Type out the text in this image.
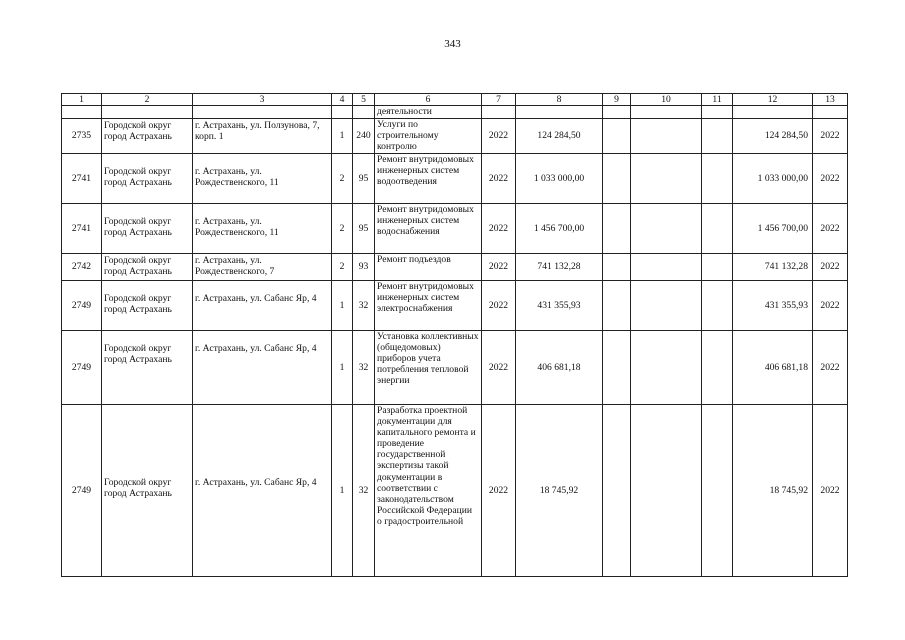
343
1	2	3	4	5	6	7	8	9	10	11	12	13
					деятельности							
2735	Городской округ город Астрахань	г. Астрахань, ул. Ползунова, 7, корп. 1	1	240	Услуги по строительному контролю	2022	124 284,50				124 284,50	2022
2741	Городской округ город Астрахань	г. Астрахань, ул. Рождественского, 11	2	95	Ремонт внутридомовых инженерных систем водоотведения	2022	1 033 000,00				1 033 000,00	2022
2741	Городской округ город Астрахань	г. Астрахань, ул. Рождественского, 11	2	95	Ремонт внутридомовых инженерных систем водоснабжения	2022	1 456 700,00				1 456 700,00	2022
2742	Городской округ город Астрахань	г. Астрахань, ул. Рождественского, 7	2	93	Ремонт подъездов	2022	741 132,28				741 132,28	2022
2749	Городской округ город Астрахань	г. Астрахань, ул. Сабанс Яр, 4	1	32	Ремонт внутридомовых инженерных систем электроснабжения	2022	431 355,93				431 355,93	2022
2749	Городской округ город Астрахань	г. Астрахань, ул. Сабанс Яр, 4	1	32	Установка коллективных (общедомовых) приборов учета потребления тепловой энергии	2022	406 681,18				406 681,18	2022
2749	Городской округ город Астрахань	г. Астрахань, ул. Сабанс Яр, 4	1	32	Разработка проектной документации для капитального ремонта и проведение государственной экспертизы такой документации в соответствии с законодательством Российской Федерации о градостроительной	2022	18 745,92				18 745,92	2022
